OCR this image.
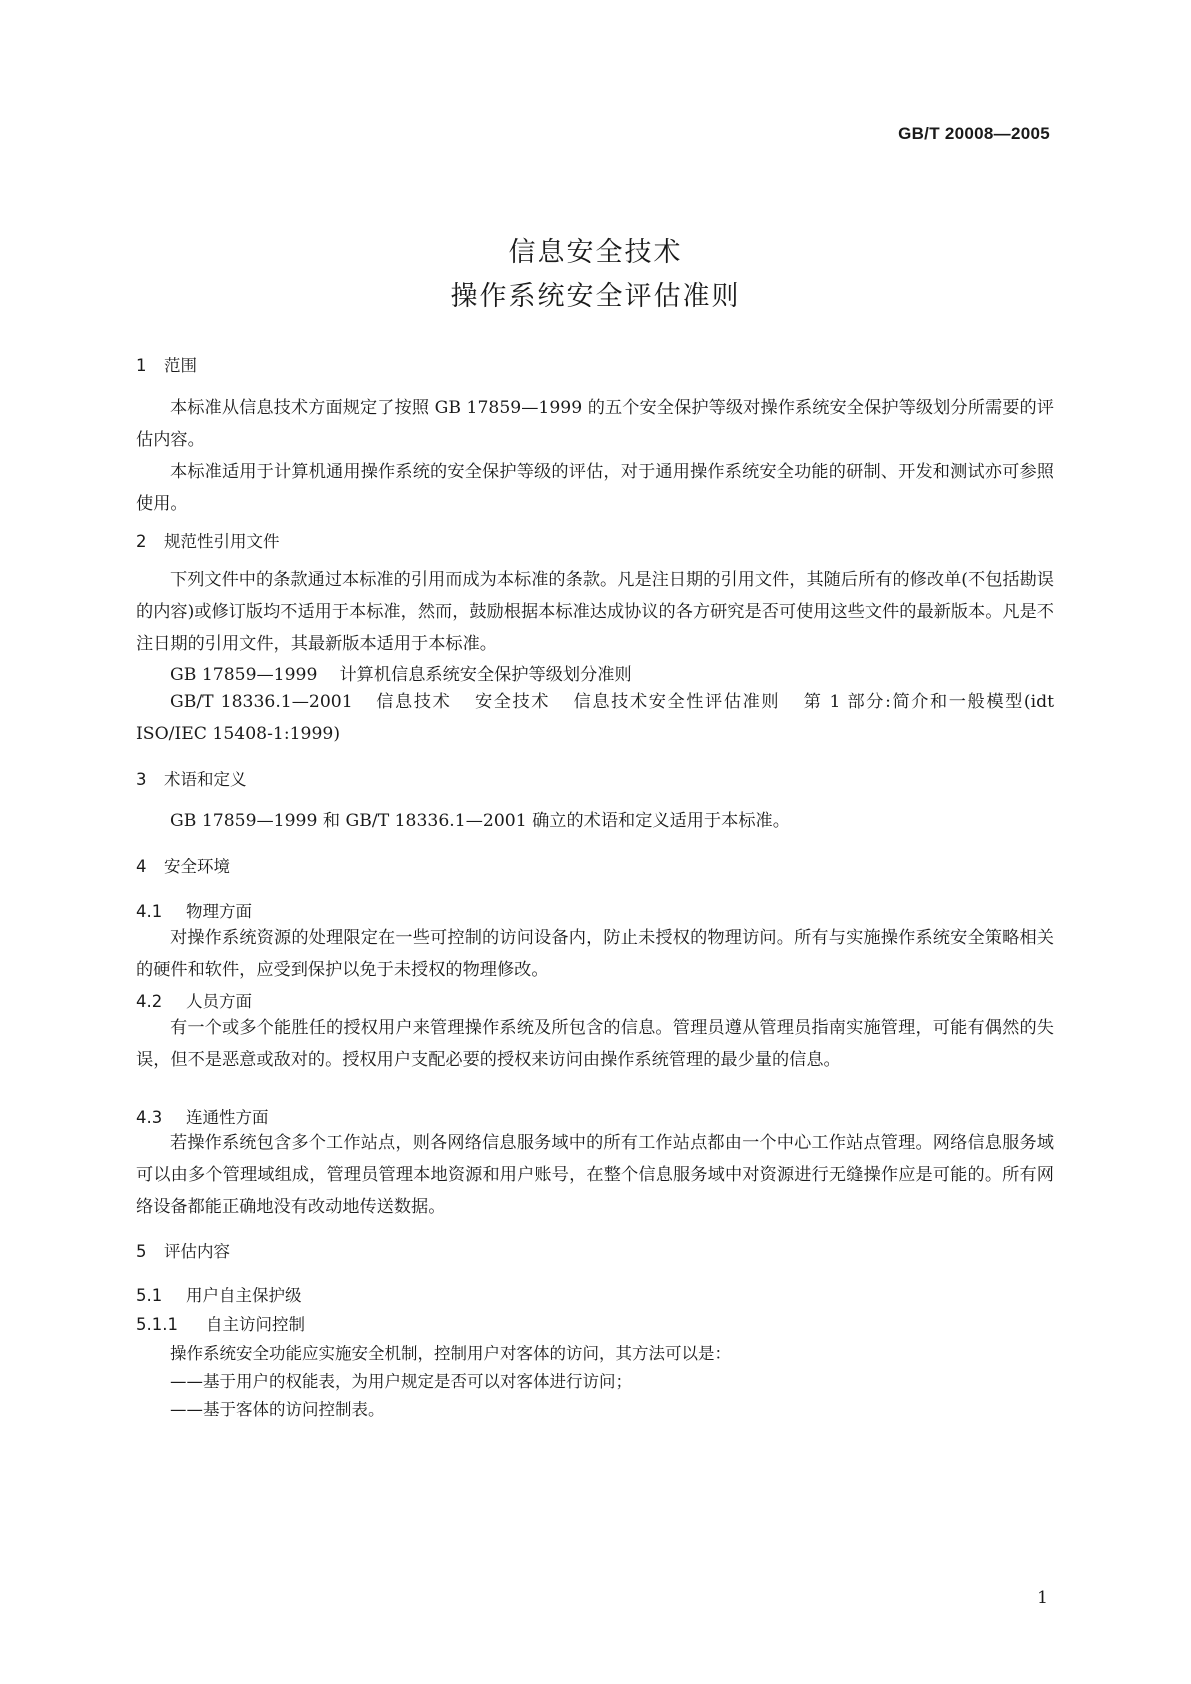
GB/T 20008—2005
信息安全技术
操作系统安全评估准则
1 范围

本标准从信息技术方面规定了按照 GB 17859—1999 的五个安全保护等级对操作系统安全保护等级划分所需要的评估内容。

本标准适用于计算机通用操作系统的安全保护等级的评估，对于通用操作系统安全功能的研制、开发和测试亦可参照使用。

2 规范性引用文件

下列文件中的条款通过本标准的引用而成为本标准的条款。凡是注日期的引用文件，其随后所有的修改单(不包括勘误的内容)或修订版均不适用于本标准，然而，鼓励根据本标准达成协议的各方研究是否可使用这些文件的最新版本。凡是不注日期的引用文件，其最新版本适用于本标准。

GB 17859—1999 计算机信息系统安全保护等级划分准则

GB/T 18336.1—2001 信息技术 安全技术 信息技术安全性评估准则 第 1 部分:简介和一般模型(idt ISO/IEC 15408-1:1999)

3 术语和定义
GB 17859—1999 和 GB/T 18336.1—2001 确立的术语和定义适用于本标准。
4 安全环境
4.1 物理方面

对操作系统资源的处理限定在一些可控制的访问设备内，防止未授权的物理访问。所有与实施操作系统安全策略相关的硬件和软件，应受到保护以免于未授权的物理修改。

4.2 人员方面

有一个或多个能胜任的授权用户来管理操作系统及所包含的信息。管理员遵从管理员指南实施管理，可能有偶然的失误，但不是恶意或敌对的。授权用户支配必要的授权来访问由操作系统管理的最少量的信息。

4.3 连通性方面

若操作系统包含多个工作站点，则各网络信息服务域中的所有工作站点都由一个中心工作站点管理。网络信息服务域可以由多个管理域组成，管理员管理本地资源和用户账号，在整个信息服务域中对资源进行无缝操作应是可能的。所有网络设备都能正确地没有改动地传送数据。

5 评估内容
5.1 用户自主保护级
5.1.1 自主访问控制
操作系统安全功能应实施安全机制，控制用户对客体的访问，其方法可以是：
——基于用户的权能表，为用户规定是否可以对客体进行访问；
——基于客体的访问控制表。
1
